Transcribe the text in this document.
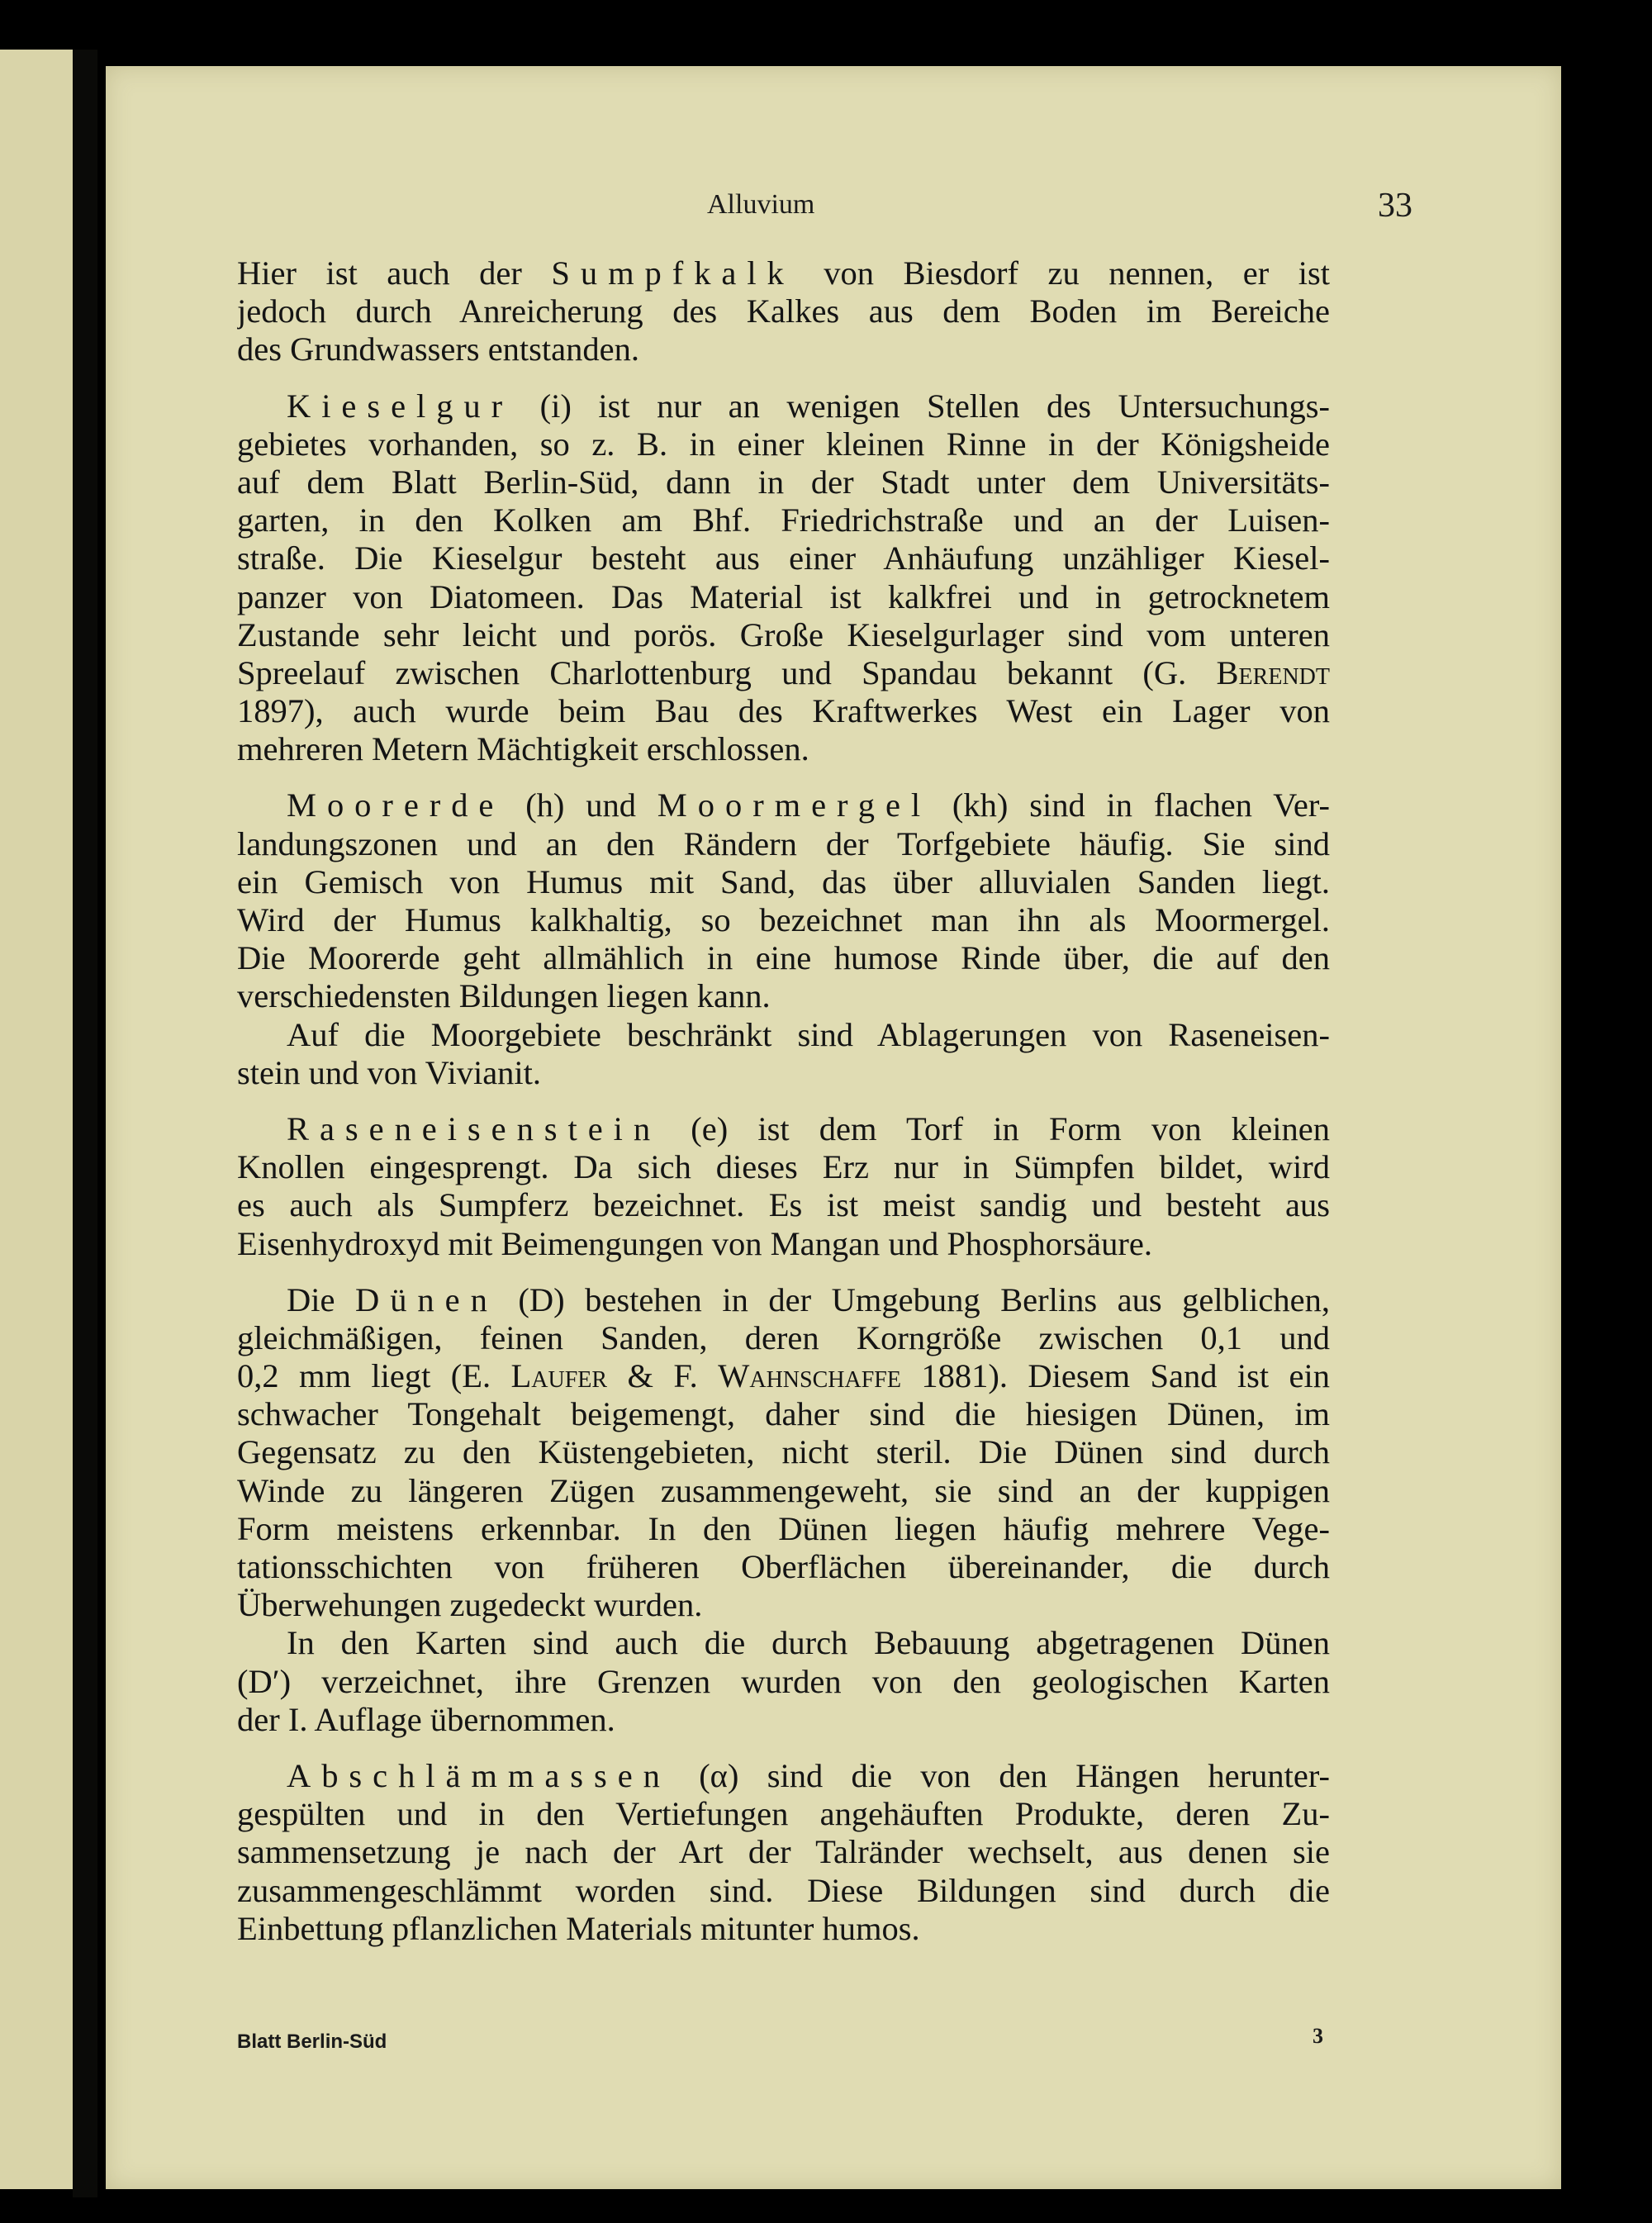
Alluvium	33

Hier ist auch der Sumpfkalk von Biesdorf zu nennen, er ist
jedoch durch Anreicherung des Kalkes aus dem Boden im Bereiche
des Grundwassers entstanden.

Kieselgur (i) ist nur an wenigen Stellen des Untersuchungs-
gebietes vorhanden, so z. B. in einer kleinen Rinne in der Königsheide
auf dem Blatt Berlin-Süd, dann in der Stadt unter dem Universitäts-
garten, in den Kolken am Bhf. Friedrichstraße und an der Luisen-
straße. Die Kieselgur besteht aus einer Anhäufung unzähliger Kiesel-
panzer von Diatomeen. Das Material ist kalkfrei und in getrocknetem
Zustande sehr leicht und porös. Große Kieselgurlager sind vom unteren
Spreelauf zwischen Charlottenburg und Spandau bekannt (G. Berendt
1897), auch wurde beim Bau des Kraftwerkes West ein Lager von
mehreren Metern Mächtigkeit erschlossen.

Moorerde (h) und Moormergel (kh) sind in flachen Ver-
landungszonen und an den Rändern der Torfgebiete häufig. Sie sind
ein Gemisch von Humus mit Sand, das über alluvialen Sanden liegt.
Wird der Humus kalkhaltig, so bezeichnet man ihn als Moormergel.
Die Moorerde geht allmählich in eine humose Rinde über, die auf den
verschiedensten Bildungen liegen kann.
Auf die Moorgebiete beschränkt sind Ablagerungen von Raseneisen-
stein und von Vivianit.

Raseneisenstein (e) ist dem Torf in Form von kleinen
Knollen eingesprengt. Da sich dieses Erz nur in Sümpfen bildet, wird
es auch als Sumpferz bezeichnet. Es ist meist sandig und besteht aus
Eisenhydroxyd mit Beimengungen von Mangan und Phosphorsäure.

Die Dünen (D) bestehen in der Umgebung Berlins aus gelblichen,
gleichmäßigen, feinen Sanden, deren Korngröße zwischen 0,1 und
0,2 mm liegt (E. Laufer & F. Wahnschaffe 1881). Diesem Sand ist ein
schwacher Tongehalt beigemengt, daher sind die hiesigen Dünen, im
Gegensatz zu den Küstengebieten, nicht steril. Die Dünen sind durch
Winde zu längeren Zügen zusammengeweht, sie sind an der kuppigen
Form meistens erkennbar. In den Dünen liegen häufig mehrere Vege-
tationsschichten von früheren Oberflächen übereinander, die durch
Überwehungen zugedeckt wurden.
In den Karten sind auch die durch Bebauung abgetragenen Dünen
(D′) verzeichnet, ihre Grenzen wurden von den geologischen Karten
der I. Auflage übernommen.

Abschlämmassen (α) sind die von den Hängen herunter-
gespülten und in den Vertiefungen angehäuften Produkte, deren Zu-
sammensetzung je nach der Art der Talränder wechselt, aus denen sie
zusammengeschlämmt worden sind. Diese Bildungen sind durch die
Einbettung pflanzlichen Materials mitunter humos.

Blatt Berlin-Süd	3
